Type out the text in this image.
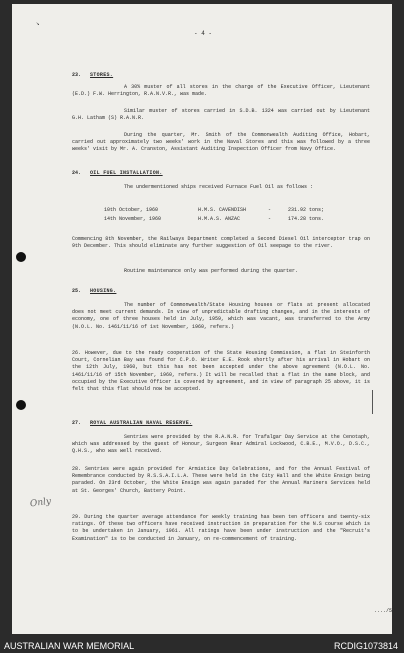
↘
- 4 -
23. STORES.
A 30% muster of all stores in the charge of the Executive Officer, Lieutenant (E.D.) F.W. Herrington, R.A.N.V.R., was made.
Similar muster of stores carried in S.D.B. 1324 was carried out by Lieutenant G.H. Latham (S) R.A.N.R.
During the quarter, Mr. Smith of the Commonwealth Auditing Office, Hobart, carried out approximately two weeks' work in the Naval Stores and this was followed by a three weeks' visit by Mr. A. Cranston, Assistant Auditing Inspection Officer from Navy Office.
24. OIL FUEL INSTALLATION.
The undermentioned ships received Furnace Fuel Oil as follows :
10th October, 1960	H.M.S. CAVENDISH	-	231.92 tons;
14th November, 1960	H.M.A.S. ANZAC	-	174.28 tons.
Commencing 8th November, the Railways Department completed a Second Diesel Oil interceptor trap on 9th December. This should eliminate any further suggestion of Oil seepage to the river.
Routine maintenance only was performed during the quarter.
25. HOUSING.
The number of Commonwealth/State Housing houses or flats at present allocated does not meet current demands. In view of unpredictable drafting changes, and in the interests of economy, one of three houses held in July, 1959, which was vacant, was transferred to the Army (N.O.L. No. 1461/11/16 of 1st November, 1960, refers.)
26. However, due to the ready cooperation of the State Housing Commission, a flat in Steinforth Court, Cornelian Bay was found for C.P.O. Writer E.E. Rook shortly after his arrival in Hobart on the 12th July, 1960, but this has not been accepted under the above agreement (N.O.L. No. 1461/11/16 of 15th November, 1960, refers.) It will be recalled that a flat in the same block, and occupied by the Executive Officer is covered by agreement, and in view of paragraph 25 above, it is felt that this flat should now be accepted.
27. ROYAL AUSTRALIAN NAVAL RESERVE.
Sentries were provided by the R.A.N.R. for Trafalgar Day Service at the Cenotaph, which was addressed by the guest of Honour, Surgeon Rear Admiral Lockwood, C.B.E., M.V.O., D.S.C., Q.H.S., who was well received.
28. Sentries were again provided for Armistice Day Celebrations, and for the Annual Festival of Remembrance conducted by R.S.S.A.I.L.A. These were held in the City Hall and the White Ensign being paraded. On 23rd October, the White Ensign was again paraded for the Annual Mariners Services held at St. Georges' Church, Battery Point.
29. During the quarter average attendance for weekly training has been ten officers and twenty-six ratings. Of these two officers have received instruction in preparation for the N.S course which is to be undertaken in January, 1961. All ratings have been under instruction and the "Recruit's Examination" is to be conducted in January, on re-commencement of training.
Only
..../5
AUSTRALIAN WAR MEMORIAL	RCDIG1073814
